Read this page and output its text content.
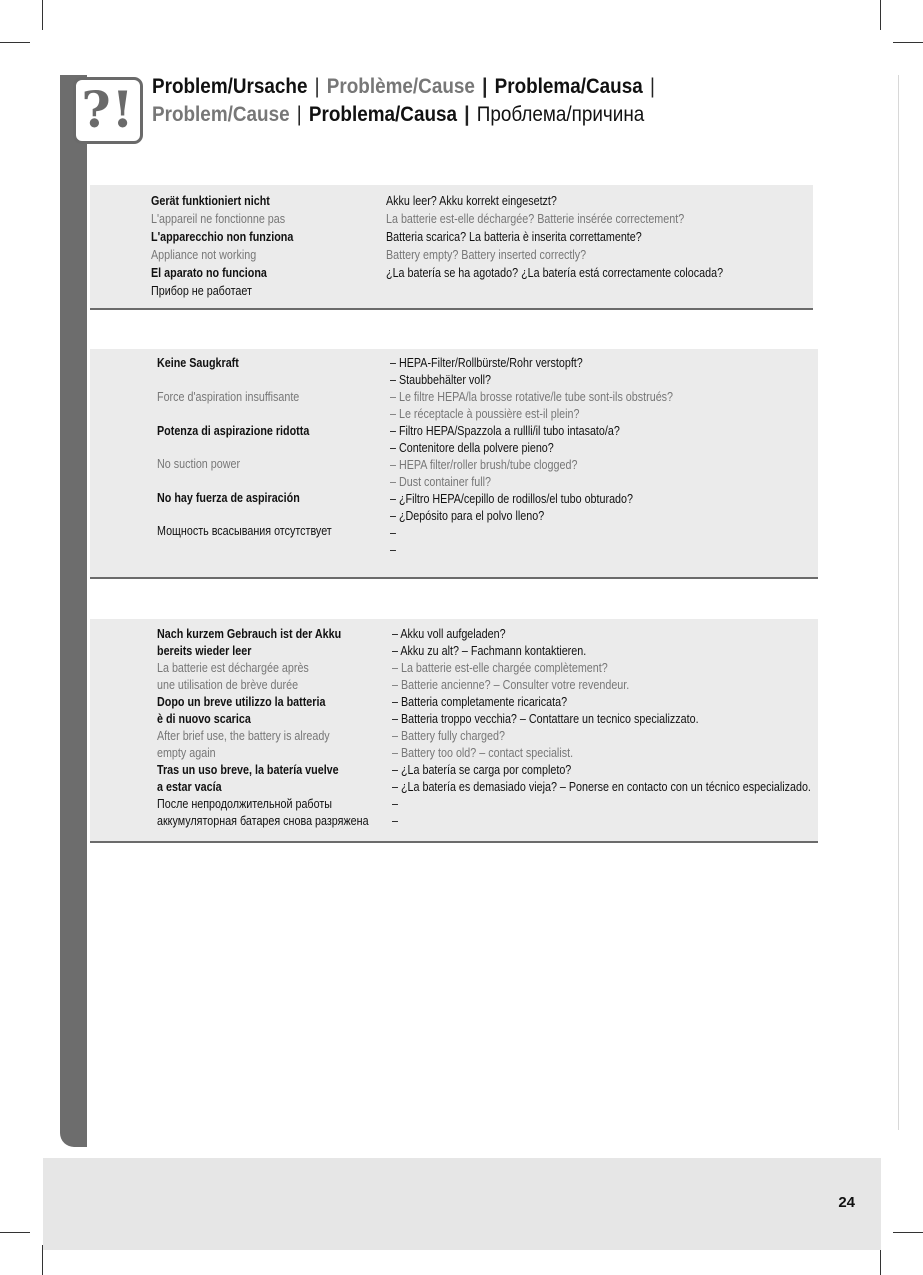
?! Problem/Ursache | Problème/Cause | Problema/Causa |
Problem/Cause | Problema/Causa | Проблема/причина
Gerät funktioniert nicht
L'appareil ne fonctionne pas
L'apparecchio non funziona
Appliance not working
El aparato no funciona
Прибор не работает
Akku leer? Akku korrekt eingesetzt?
La batterie est-elle déchargée? Batterie insérée correctement?
Batteria scarica? La batteria è inserita correttamente?
Battery empty? Battery inserted correctly?
¿La batería se ha agotado? ¿La batería está correctamente colocada?
Keine Saugkraft
Force d'aspiration insuffisante
Potenza di aspirazione ridotta
No suction power
No hay fuerza de aspiración
Мощность всасывания отсутствует
– HEPA-Filter/Rollbürste/Rohr verstopft?
– Staubbehälter voll?
– Le filtre HEPA/la brosse rotative/le tube sont-ils obstrués?
– Le réceptacle à poussière est-il plein?
– Filtro HEPA/Spazzola a rullli/il tubo intasato/a?
– Contenitore della polvere pieno?
– HEPA filter/roller brush/tube clogged?
– Dust container full?
– ¿Filtro HEPA/cepillo de rodillos/el tubo obturado?
– ¿Depósito para el polvo lleno?
–
–
Nach kurzem Gebrauch ist der Akku
bereits wieder leer
La batterie est déchargée après
une utilisation de brève durée
Dopo un breve utilizzo la batteria
è di nuovo scarica
After brief use, the battery is already
empty again
Tras un uso breve, la batería vuelve
a estar vacía
После непродолжительной работы
аккумуляторная батарея снова разряжена
– Akku voll aufgeladen?
– Akku zu alt? – Fachmann kontaktieren.
– La batterie est-elle chargée complètement?
– Batterie ancienne? – Consulter votre revendeur.
– Batteria completamente ricaricata?
– Batteria troppo vecchia? – Contattare un tecnico specializzato.
– Battery fully charged?
– Battery too old? – contact specialist.
– ¿La batería se carga por completo?
– ¿La batería es demasiado vieja? – Ponerse en contacto con un técnico especializado.
–
–
24
